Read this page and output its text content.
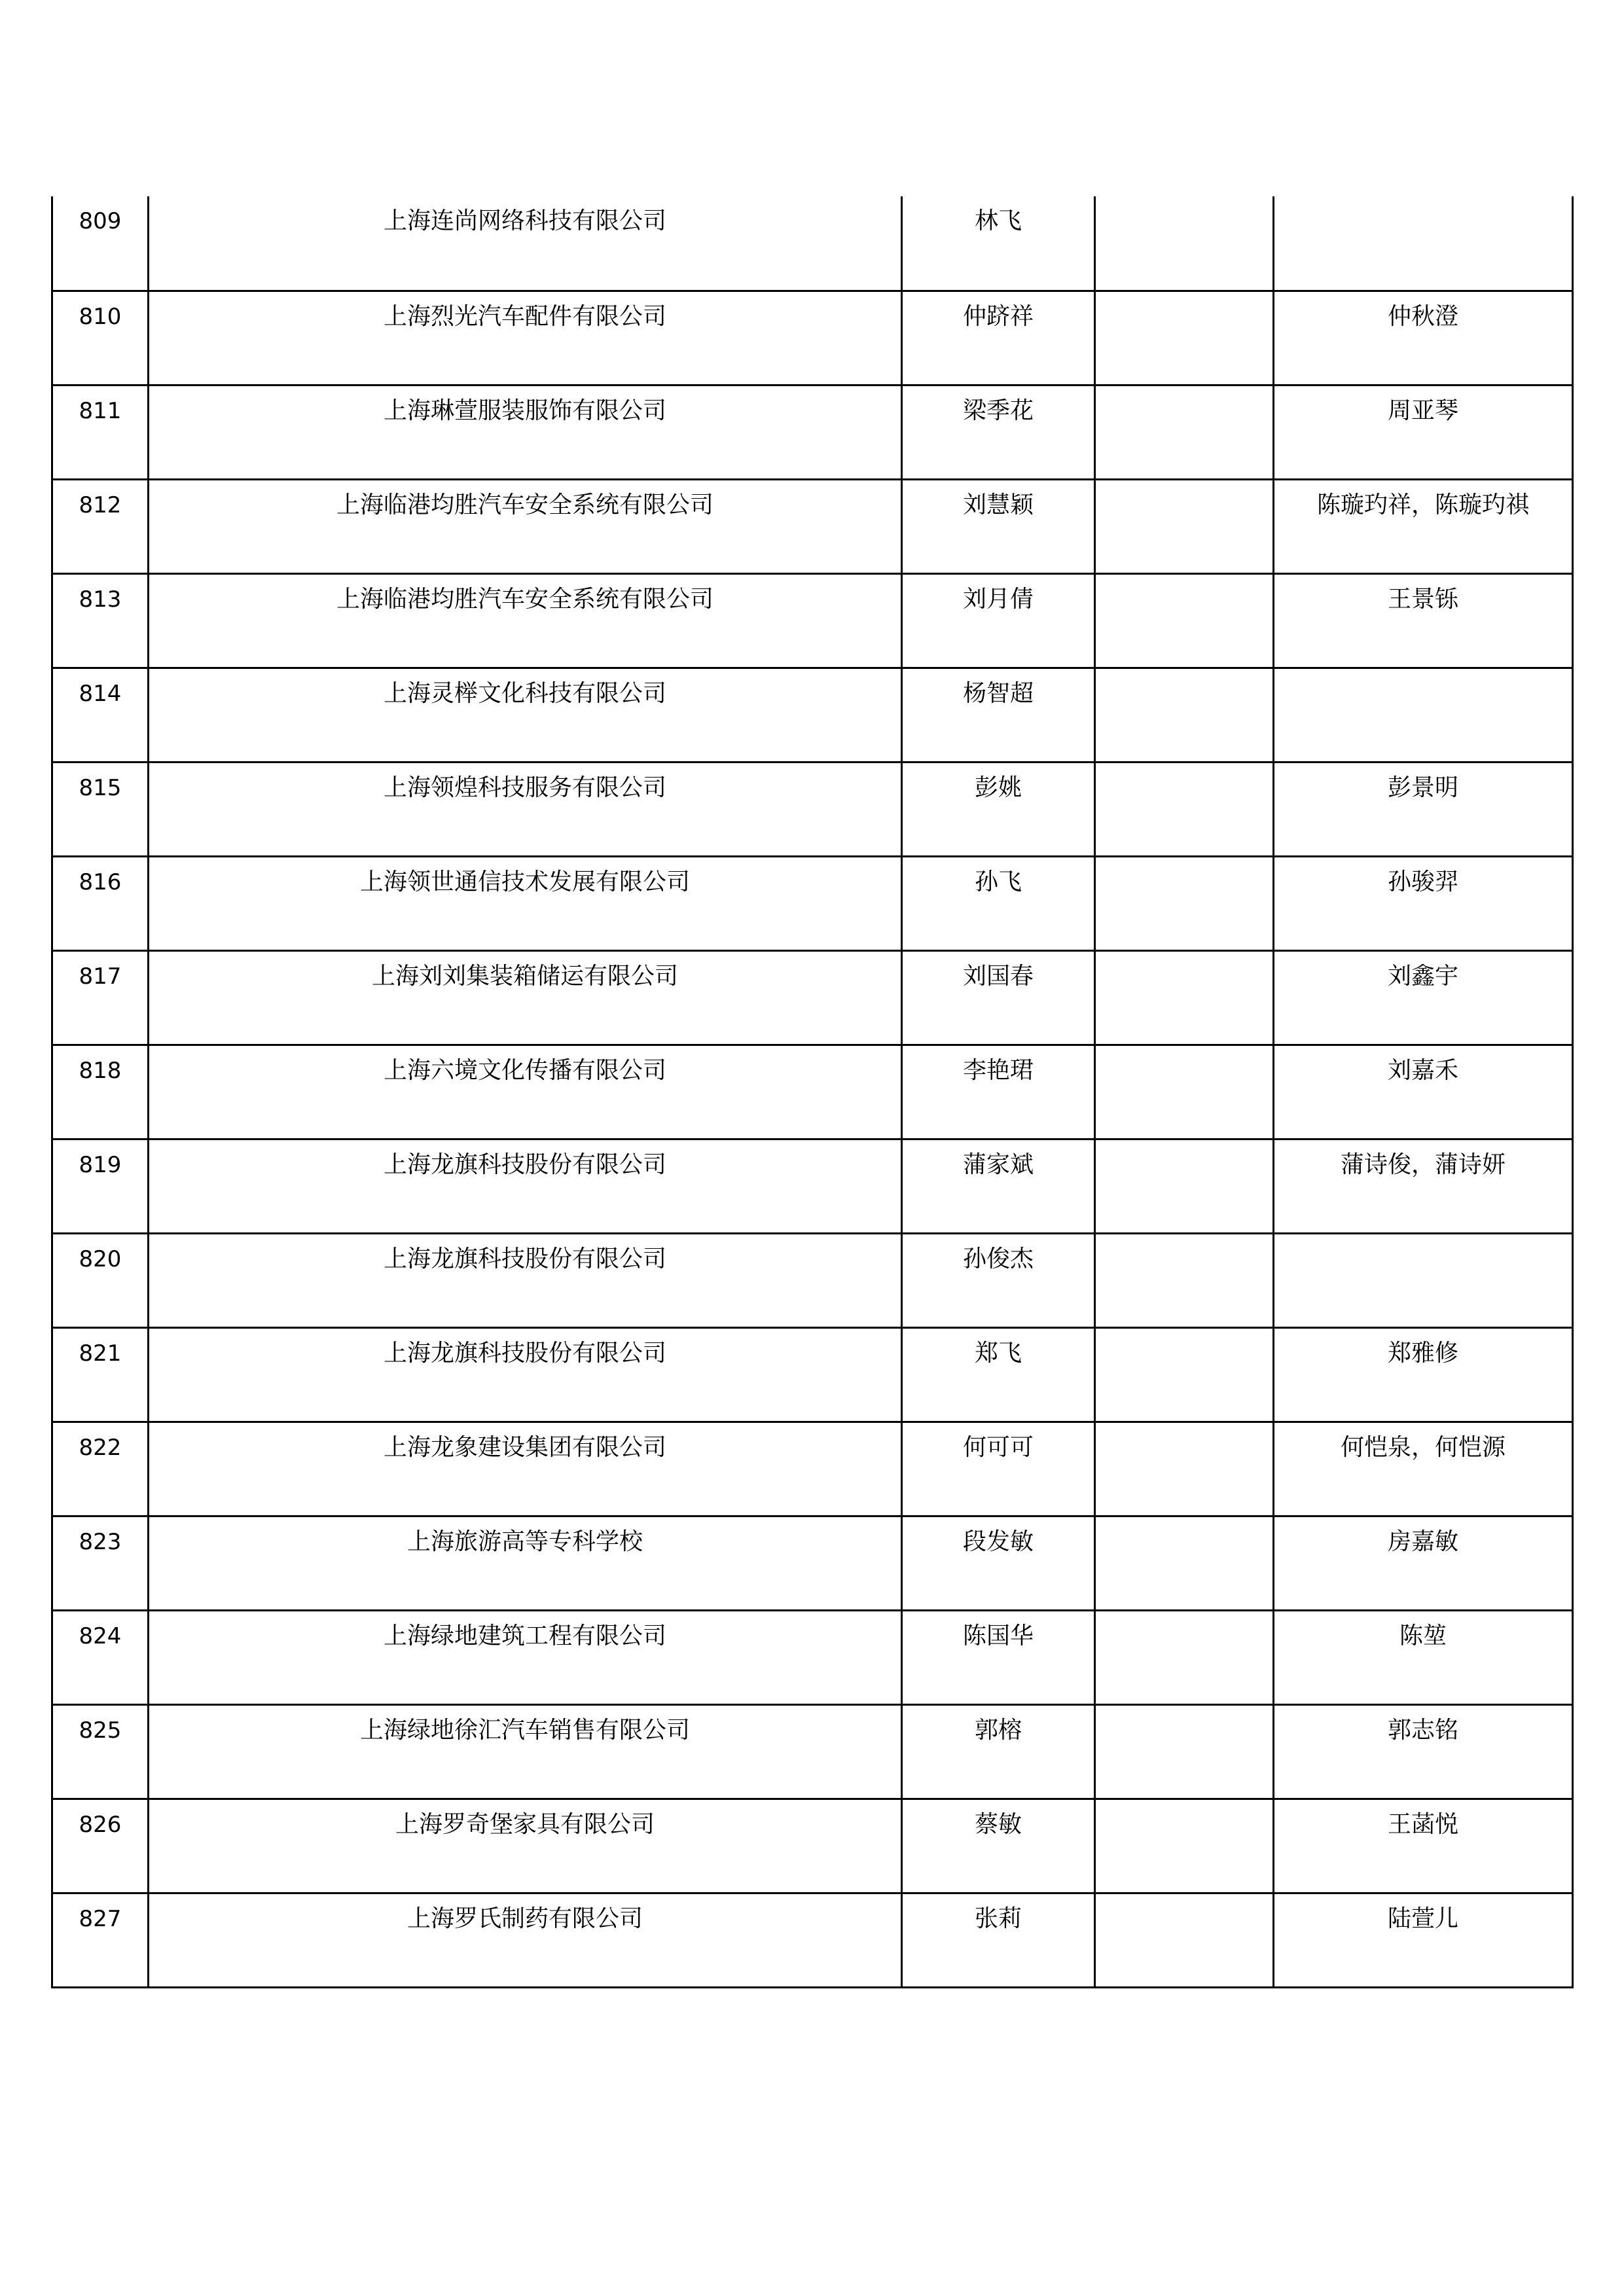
809	上海连尚网络科技有限公司	林飞		

810	上海烈光汽车配件有限公司	仲跻祥		仲秋澄

811	上海琳萱服装服饰有限公司	梁季花		周亚琴

812	上海临港均胜汽车安全系统有限公司	刘慧颖		陈璇玓祥，陈璇玓祺

813	上海临港均胜汽车安全系统有限公司	刘月倩		王景铄

814	上海灵榉文化科技有限公司	杨智超		

815	上海领煌科技服务有限公司	彭姚		彭景明

816	上海领世通信技术发展有限公司	孙飞		孙骏羿

817	上海刘刘集装箱储运有限公司	刘国春		刘鑫宇

818	上海六境文化传播有限公司	李艳珺		刘嘉禾

819	上海龙旗科技股份有限公司	蒲家斌		蒲诗俊，蒲诗妍

820	上海龙旗科技股份有限公司	孙俊杰		

821	上海龙旗科技股份有限公司	郑飞		郑雅修

822	上海龙象建设集团有限公司	何可可		何恺泉，何恺源

823	上海旅游高等专科学校	段发敏		房嘉敏

824	上海绿地建筑工程有限公司	陈国华		陈堃

825	上海绿地徐汇汽车销售有限公司	郭榕		郭志铭

826	上海罗奇堡家具有限公司	蔡敏		王菡悦

827	上海罗氏制药有限公司	张莉		陆萱儿
